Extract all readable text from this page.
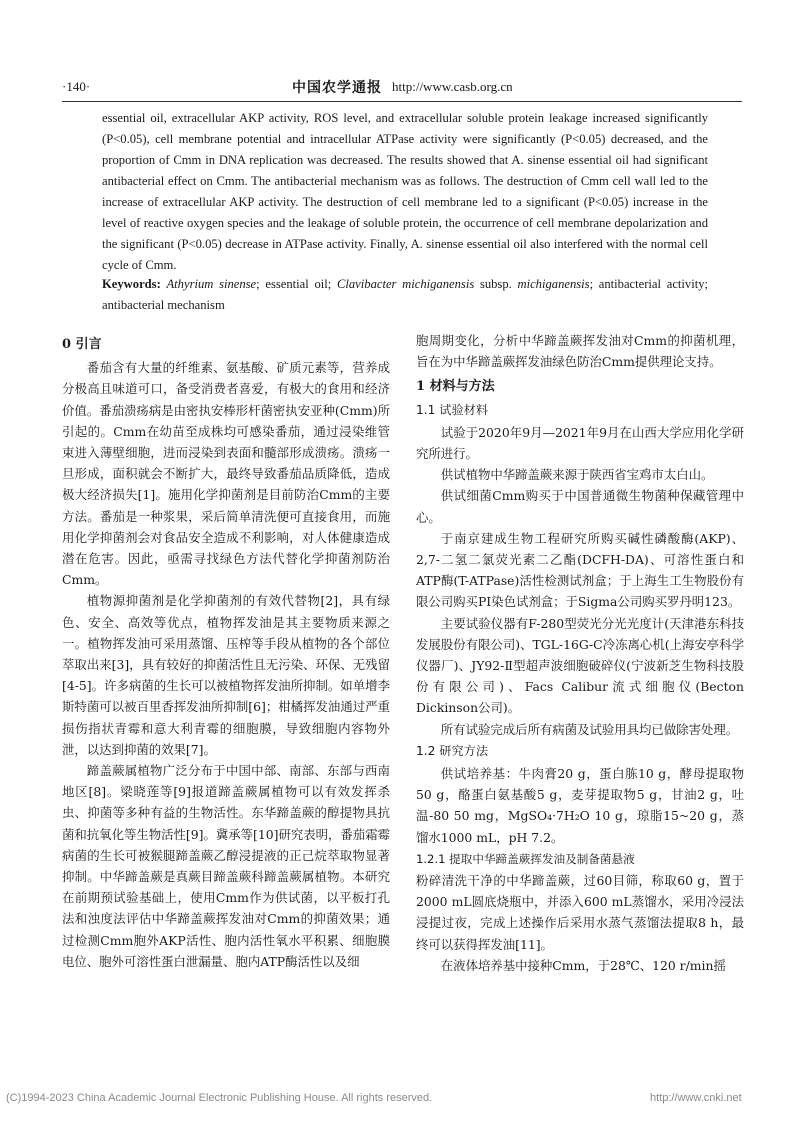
·140·	中国农学通报 http://www.casb.org.cn

essential oil, extracellular AKP activity, ROS level, and extracellular soluble protein leakage increased significantly (P<0.05), cell membrane potential and intracellular ATPase activity were significantly (P<0.05) decreased, and the proportion of Cmm in DNA replication was decreased. The results showed that A. sinense essential oil had significant antibacterial effect on Cmm. The antibacterial mechanism was as follows. The destruction of Cmm cell wall led to the increase of extracellular AKP activity. The destruction of cell membrane led to a significant (P<0.05) increase in the level of reactive oxygen species and the leakage of soluble protein, the occurrence of cell membrane depolarization and the significant (P<0.05) decrease in ATPase activity. Finally, A. sinense essential oil also interfered with the normal cell cycle of Cmm.

Keywords: Athyrium sinense; essential oil; Clavibacter michiganensis subsp. michiganensis; antibacterial activity; antibacterial mechanism

0 引言

番茄含有大量的纤维素、氨基酸、矿质元素等，营养成分极高且味道可口，备受消费者喜爱，有极大的食用和经济价值。番茄溃疡病是由密执安棒形杆菌密执安亚种(Cmm)所引起的。Cmm在幼苗至成株均可感染番茄，通过浸染维管束进入薄壁细胞，进而浸染到表面和髓部形成溃疡。溃疡一旦形成，面积就会不断扩大，最终导致番茄品质降低，造成极大经济损失[1]。施用化学抑菌剂是目前防治Cmm的主要方法。番茄是一种浆果，采后简单清洗便可直接食用，而施用化学抑菌剂会对食品安全造成不利影响，对人体健康造成潜在危害。因此，亟需寻找绿色方法代替化学抑菌剂防治Cmm。

植物源抑菌剂是化学抑菌剂的有效代替物[2]，具有绿色、安全、高效等优点，植物挥发油是其主要物质来源之一。植物挥发油可采用蒸馏、压榨等手段从植物的各个部位萃取出来[3]，具有较好的抑菌活性且无污染、环保、无残留[4-5]。许多病菌的生长可以被植物挥发油所抑制。如单增李斯特菌可以被百里香挥发油所抑制[6]；柑橘挥发油通过严重损伤指状青霉和意大利青霉的细胞膜，导致细胞内容物外泄，以达到抑菌的效果[7]。

蹄盖蕨属植物广泛分布于中国中部、南部、东部与西南地区[8]。梁晓莲等[9]报道蹄盖蕨属植物可以有效发挥杀虫、抑菌等多种有益的生物活性。东华蹄盖蕨的醇提物具抗菌和抗氧化等生物活性[9]。冀承等[10]研究表明，番茄霜霉病菌的生长可被猴腿蹄盖蕨乙醇浸提液的正己烷萃取物显著抑制。中华蹄盖蕨是真蕨目蹄盖蕨科蹄盖蕨属植物。本研究在前期预试验基础上，使用Cmm作为供试菌，以平板打孔法和浊度法评估中华蹄盖蕨挥发油对Cmm的抑菌效果；通过检测Cmm胞外AKP活性、胞内活性氧水平积累、细胞膜电位、胞外可溶性蛋白泄漏量、胞内ATP酶活性以及细

胞周期变化，分析中华蹄盖蕨挥发油对Cmm的抑菌机理，旨在为中华蹄盖蕨挥发油绿色防治Cmm提供理论支持。

1 材料与方法
1.1 试验材料

试验于2020年9月—2021年9月在山西大学应用化学研究所进行。

供试植物中华蹄盖蕨来源于陕西省宝鸡市太白山。

供试细菌Cmm购买于中国普通微生物菌种保藏管理中心。

于南京建成生物工程研究所购买碱性磷酸酶(AKP)、2,7-二氢二氯荧光素二乙酯(DCFH-DA)、可溶性蛋白和ATP酶(T-ATPase)活性检测试剂盒；于上海生工生物股份有限公司购买PI染色试剂盒；于Sigma公司购买罗丹明123。

主要试验仪器有F-280型荧光分光光度计(天津港东科技发展股份有限公司)、TGL-16G-C冷冻离心机(上海安亭科学仪器厂)、JY92-Ⅱ型超声波细胞破碎仪(宁波新芝生物科技股份有限公司)、Facs Calibur流式细胞仪(Becton Dickinson公司)。

所有试验完成后所有病菌及试验用具均已做除害处理。

1.2 研究方法

供试培养基：牛肉膏20 g，蛋白胨10 g，酵母提取物50 g，酪蛋白氨基酸5 g，麦芽提取物5 g，甘油2 g，吐温-80 50 mg，MgSO₄·7H₂O 10 g，琼脂15~20 g，蒸馏水1000 mL，pH 7.2。

1.2.1 提取中华蹄盖蕨挥发油及制备菌悬液

粉碎清洗干净的中华蹄盖蕨，过60目筛，称取60 g，置于2000 mL圆底烧瓶中，并添入600 mL蒸馏水，采用冷浸法浸提过夜，完成上述操作后采用水蒸气蒸馏法提取8 h，最终可以获得挥发油[11]。

在液体培养基中接种Cmm，于28℃、120 r/min摇

(C)1994-2023 China Academic Journal Electronic Publishing House. All rights reserved.	http://www.cnki.net
